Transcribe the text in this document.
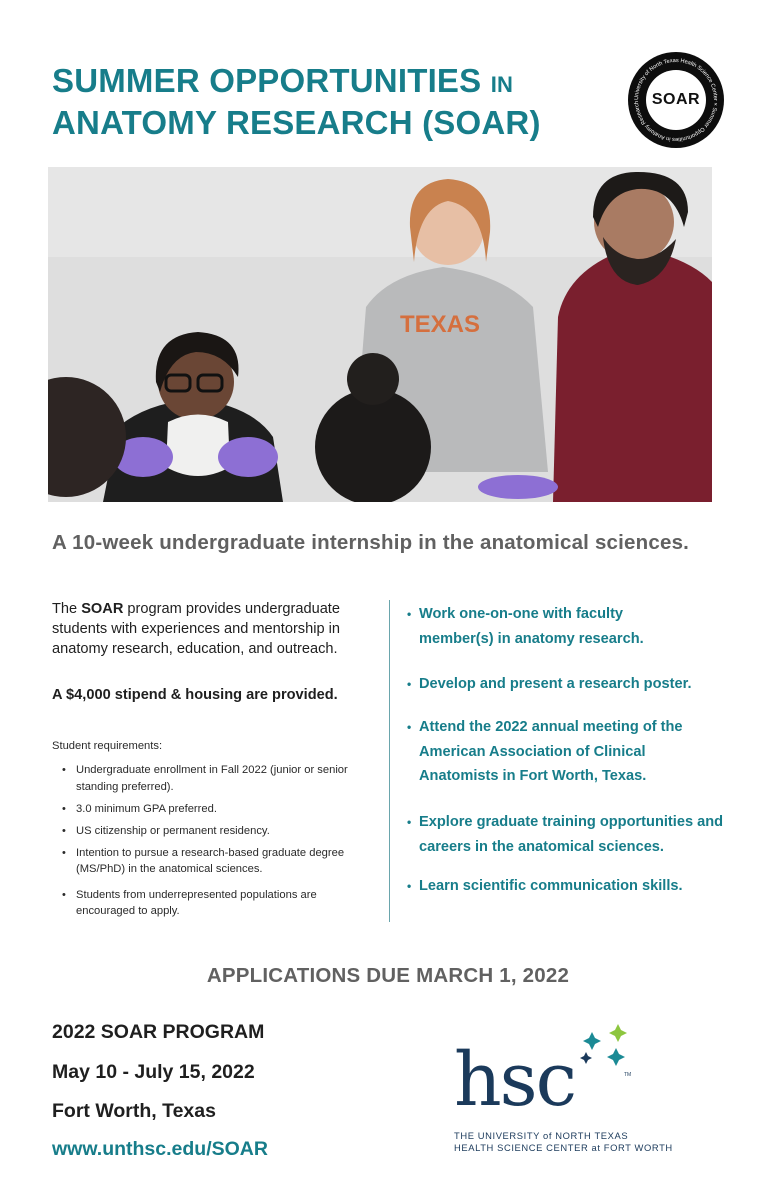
SUMMER OPPORTUNITIES IN
ANATOMY RESEARCH (SOAR)
University of North Texas Health Science Center × Summer Opportunities in Anatomy Research SOAR
TEXAS
A 10-week undergraduate internship in the anatomical sciences.

The SOAR program provides undergraduate students with experiences and mentorship in anatomy research, education, and outreach.

A $4,000 stipend & housing are provided.
Student requirements:
• Undergraduate enrollment in Fall 2022 (junior or senior standing preferred).
• 3.0 minimum GPA preferred.
• US citizenship or permanent residency.
• Intention to pursue a research-based graduate degree (MS/PhD) in the anatomical sciences.
• Students from underrepresented populations are encouraged to apply.
• Work one-on-one with faculty member(s) in anatomy research.
• Develop and present a research poster.
• Attend the 2022 annual meeting of the American Association of Clinical Anatomists in Fort Worth, Texas.
• Explore graduate training opportunities and careers in the anatomical sciences.
• Learn scientific communication skills.
APPLICATIONS DUE MARCH 1, 2022
2022 SOAR PROGRAM
May 10 - July 15, 2022
Fort Worth, Texas
www.unthsc.edu/SOAR
hsc	TM
THE UNIVERSITY of NORTH TEXAS
HEALTH SCIENCE CENTER at FORT WORTH
